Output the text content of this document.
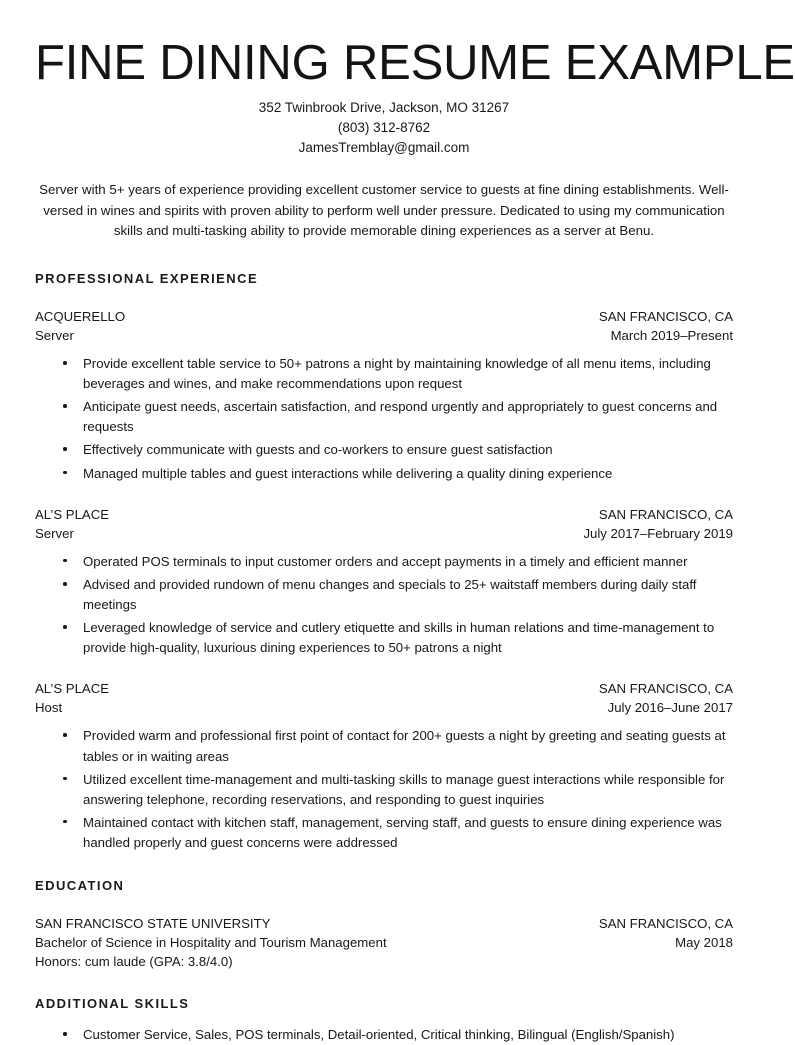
FINE DINING RESUME EXAMPLE
352 Twinbrook Drive, Jackson, MO 31267
(803) 312-8762
JamesTremblay@gmail.com

Server with 5+ years of experience providing excellent customer service to guests at fine dining establishments. Well-versed in wines and spirits with proven ability to perform well under pressure. Dedicated to using my communication skills and multi-tasking ability to provide memorable dining experiences as a server at Benu.

PROFESSIONAL EXPERIENCE
ACQUERELLO	SAN FRANCISCO, CA
Server	March 2019–Present
Provide excellent table service to 50+ patrons a night by maintaining knowledge of all menu items, including beverages and wines, and make recommendations upon request
Anticipate guest needs, ascertain satisfaction, and respond urgently and appropriately to guest concerns and requests
Effectively communicate with guests and co-workers to ensure guest satisfaction
Managed multiple tables and guest interactions while delivering a quality dining experience
AL’S PLACE	SAN FRANCISCO, CA
Server	July 2017–February 2019
Operated POS terminals to input customer orders and accept payments in a timely and efficient manner
Advised and provided rundown of menu changes and specials to 25+ waitstaff members during daily staff meetings
Leveraged knowledge of service and cutlery etiquette and skills in human relations and time-management to provide high-quality, luxurious dining experiences to 50+ patrons a night
AL’S PLACE	SAN FRANCISCO, CA
Host	July 2016–June 2017
Provided warm and professional first point of contact for 200+ guests a night by greeting and seating guests at tables or in waiting areas
Utilized excellent time-management and multi-tasking skills to manage guest interactions while responsible for answering telephone, recording reservations, and responding to guest inquiries
Maintained contact with kitchen staff, management, serving staff, and guests to ensure dining experience was handled properly and guest concerns were addressed
EDUCATION
SAN FRANCISCO STATE UNIVERSITY	SAN FRANCISCO, CA
Bachelor of Science in Hospitality and Tourism Management	May 2018
Honors: cum laude (GPA: 3.8/4.0)
ADDITIONAL SKILLS
Customer Service, Sales, POS terminals, Detail-oriented, Critical thinking, Bilingual (English/Spanish)
